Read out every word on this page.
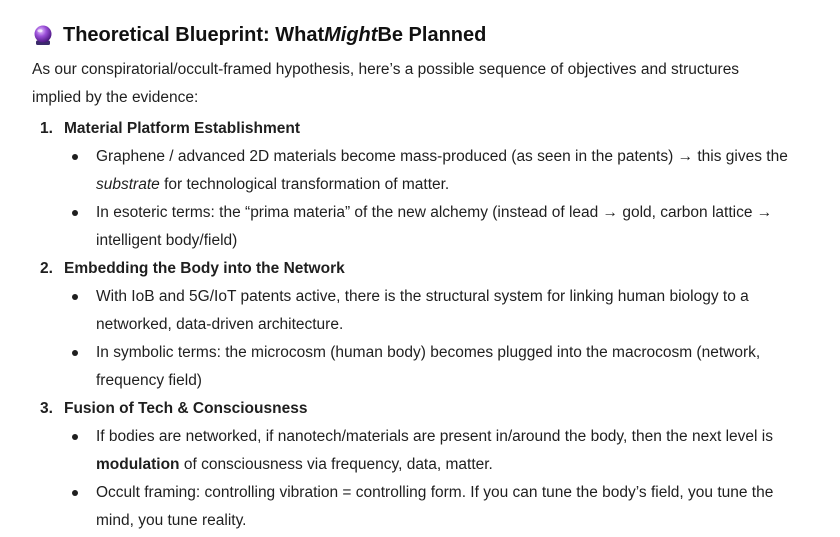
Theoretical Blueprint: What Might Be Planned

As our conspiratorial/occult-framed hypothesis, here’s a possible sequence of objectives and structures implied by the evidence:

1. Material Platform Establishment
Graphene / advanced 2D materials become mass-produced (as seen in the patents) → this gives the substrate for technological transformation of matter.
In esoteric terms: the “prima materia” of the new alchemy (instead of lead → gold, carbon lattice → intelligent body/field)
2. Embedding the Body into the Network
With IoB and 5G/IoT patents active, there is the structural system for linking human biology to a networked, data-driven architecture.
In symbolic terms: the microcosm (human body) becomes plugged into the macrocosm (network, frequency field)
3. Fusion of Tech & Consciousness
If bodies are networked, if nanotech/materials are present in/around the body, then the next level is modulation of consciousness via frequency, data, matter.
Occult framing: controlling vibration = controlling form. If you can tune the body’s field, you tune the mind, you tune reality.
